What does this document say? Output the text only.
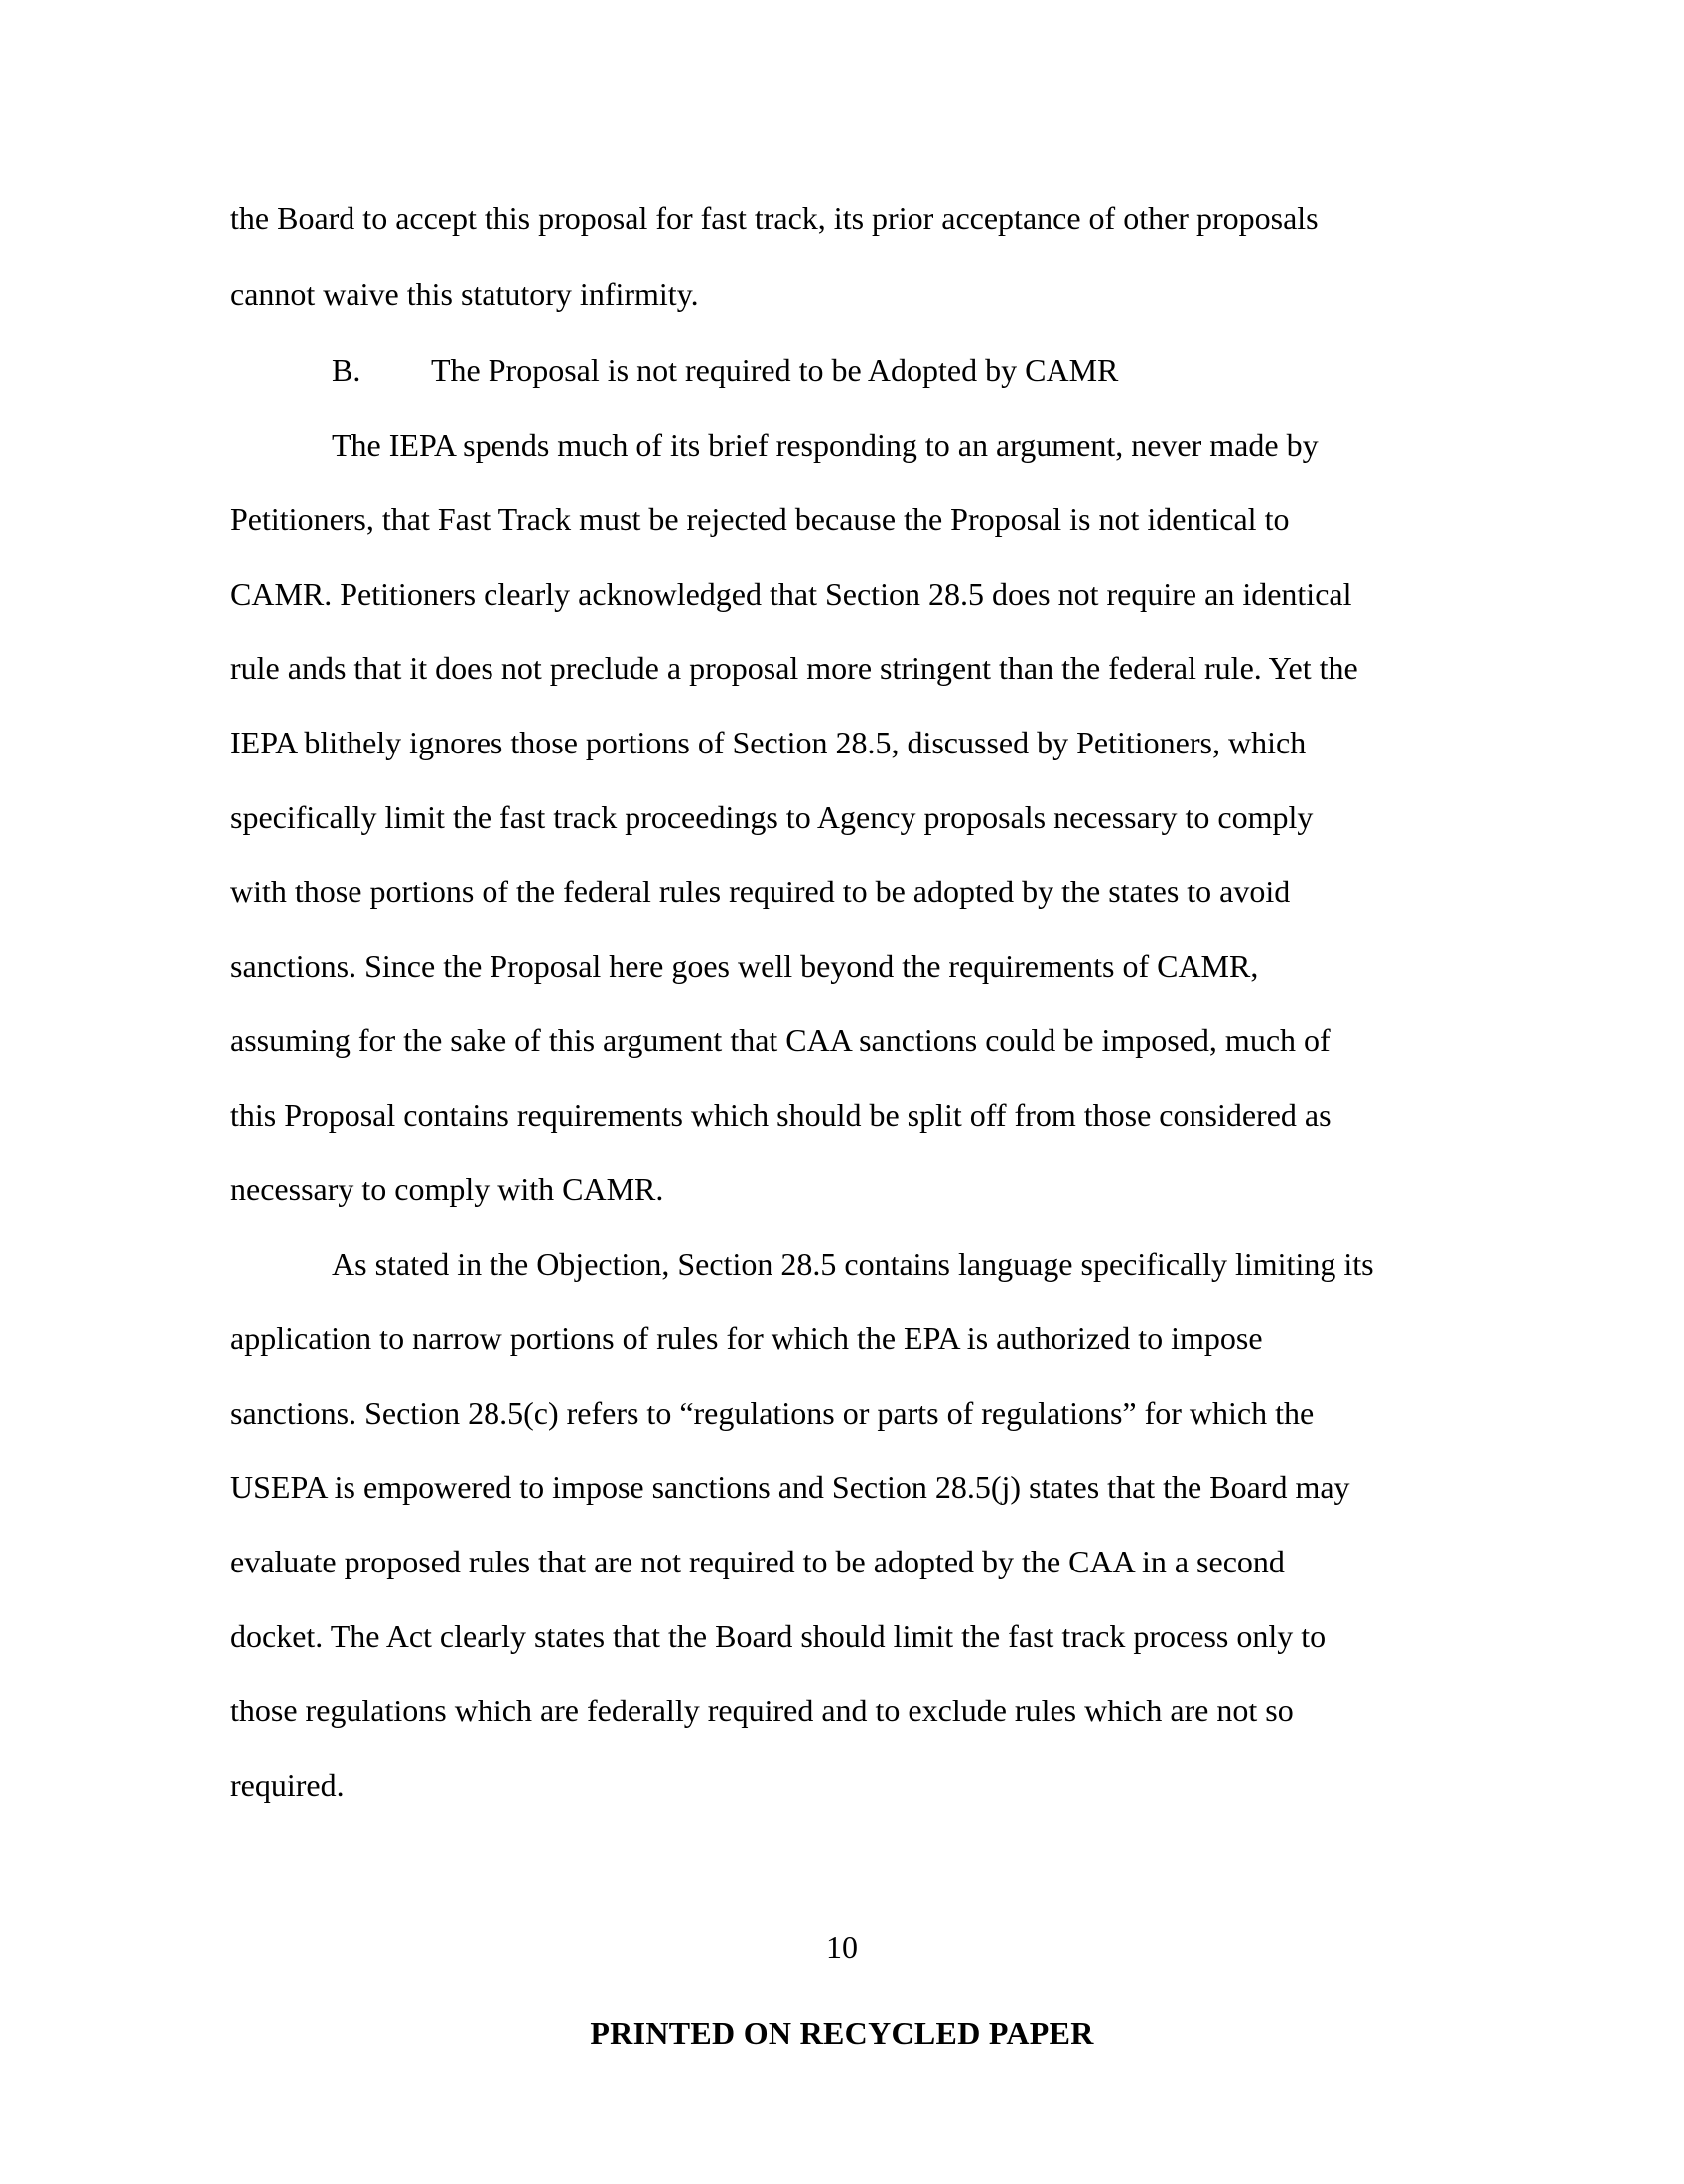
the Board to accept this proposal for fast track, its prior acceptance of other proposals
cannot waive this statutory infirmity.
B. The Proposal is not required to be Adopted by CAMR
The IEPA spends much of its brief responding to an argument, never made by
Petitioners, that Fast Track must be rejected because the Proposal is not identical to
CAMR. Petitioners clearly acknowledged that Section 28.5 does not require an identical
rule ands that it does not preclude a proposal more stringent than the federal rule. Yet the
IEPA blithely ignores those portions of Section 28.5, discussed by Petitioners, which
specifically limit the fast track proceedings to Agency proposals necessary to comply
with those portions of the federal rules required to be adopted by the states to avoid
sanctions. Since the Proposal here goes well beyond the requirements of CAMR,
assuming for the sake of this argument that CAA sanctions could be imposed, much of
this Proposal contains requirements which should be split off from those considered as
necessary to comply with CAMR.
As stated in the Objection, Section 28.5 contains language specifically limiting its
application to narrow portions of rules for which the EPA is authorized to impose
sanctions. Section 28.5(c) refers to “regulations or parts of regulations” for which the
USEPA is empowered to impose sanctions and Section 28.5(j) states that the Board may
evaluate proposed rules that are not required to be adopted by the CAA in a second
docket. The Act clearly states that the Board should limit the fast track process only to
those regulations which are federally required and to exclude rules which are not so
required.
10
PRINTED ON RECYCLED PAPER
